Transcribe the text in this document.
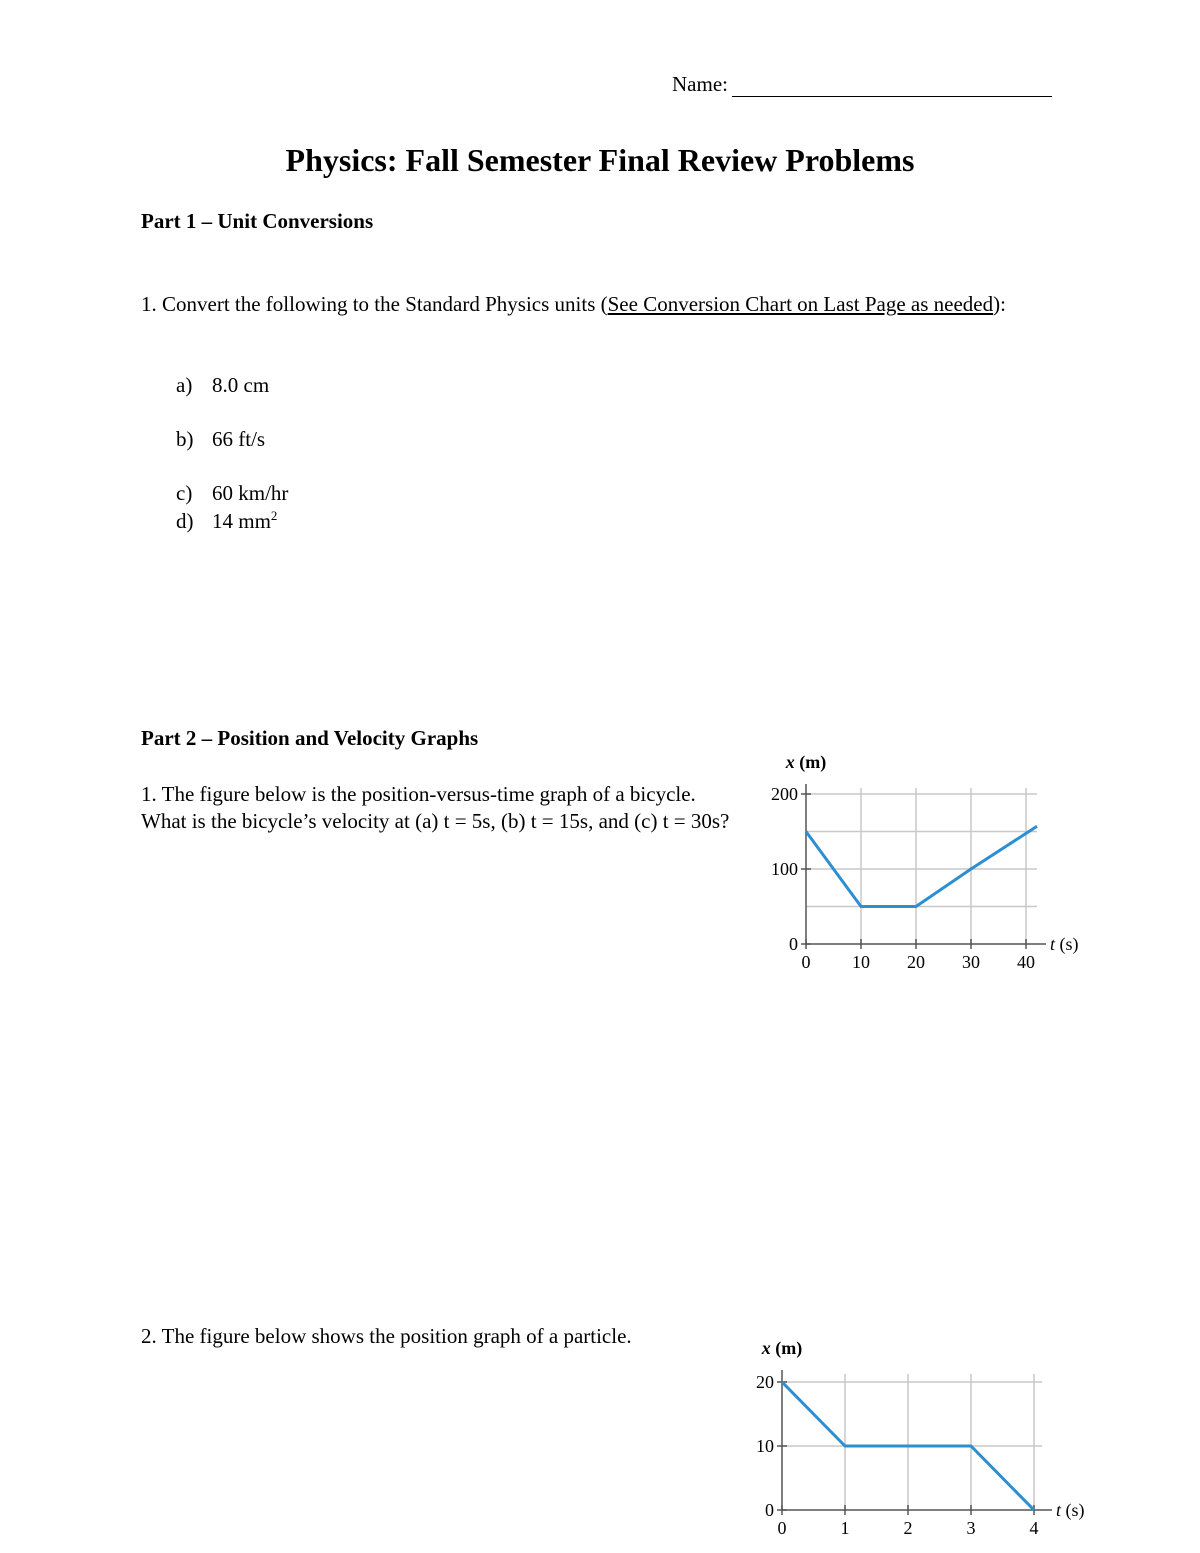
Name:
Physics: Fall Semester Final Review Problems
Part 1 – Unit Conversions
1. Convert the following to the Standard Physics units (See Conversion Chart on Last Page as needed):
a) 8.0 cm
b) 66 ft/s
c) 60 km/hr
d) 14 $mm^2$
Part 2 – Position and Velocity Graphs
1. The figure below is the position-versus-time graph of a bicycle. What is the bicycle’s velocity at (a) t = 5s, (b) t = 15s, and (c) t = 30s?
2. The figure below shows the position graph of a particle.
0 10 20 30 40
0
100
200
x (m)
t (s)
0	1	2	3	4
0
10
20
x (m)
t (s)
